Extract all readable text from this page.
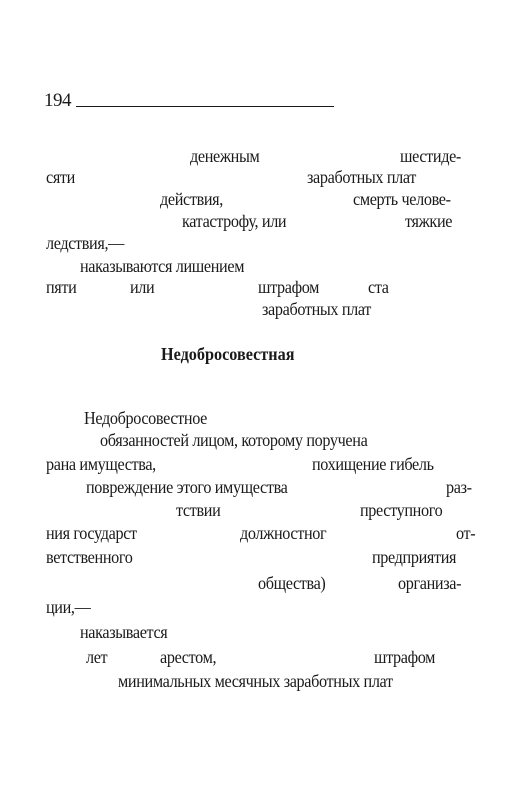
194
денежным	шестиде-
сяти	заработных плат
действия,	смерть челове-
катастрофу, или	тяжкие
ледствия,—
наказываются лишением
пяти	или	штрафом	ста
заработных плат
Недобросовестная
Недобросовестное
обязанностей лицом, которому поручена
рана имущества,	похищение гибель
повреждение этого имущества	раз-
тствии	преступного
ния государст	должностног	от-
ветственного	предприятия
общества)	организа-
ции,—
наказывается
лет	арестом,	штрафом
минимальных месячных заработных плат
